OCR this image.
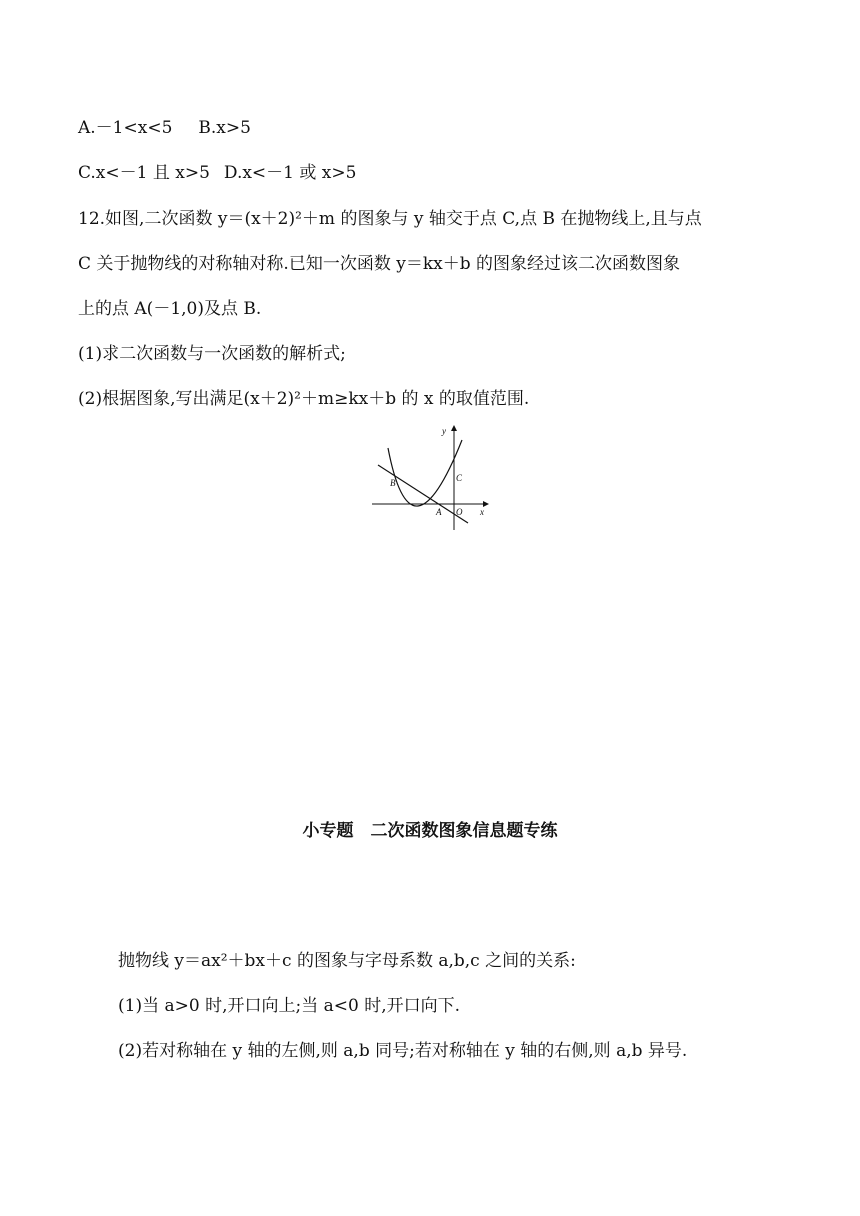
A.－1<x<5 B.x>5
C.x<－1 且 x>5 D.x<－1 或 x>5
12.如图,二次函数 y＝(x＋2)²＋m 的图象与 y 轴交于点 C,点 B 在抛物线上,且与点
C 关于抛物线的对称轴对称.已知一次函数 y＝kx＋b 的图象经过该二次函数图象
上的点 A(－1,0)及点 B.
(1)求二次函数与一次函数的解析式;
(2)根据图象,写出满足(x＋2)²＋m≥kx＋b 的 x 的取值范围.
y
x
B	C
A O
小专题　二次函数图象信息题专练
抛物线 y＝ax²＋bx＋c 的图象与字母系数 a,b,c 之间的关系:
(1)当 a>0 时,开口向上;当 a<0 时,开口向下.
(2)若对称轴在 y 轴的左侧,则 a,b 同号;若对称轴在 y 轴的右侧,则 a,b 异号.
